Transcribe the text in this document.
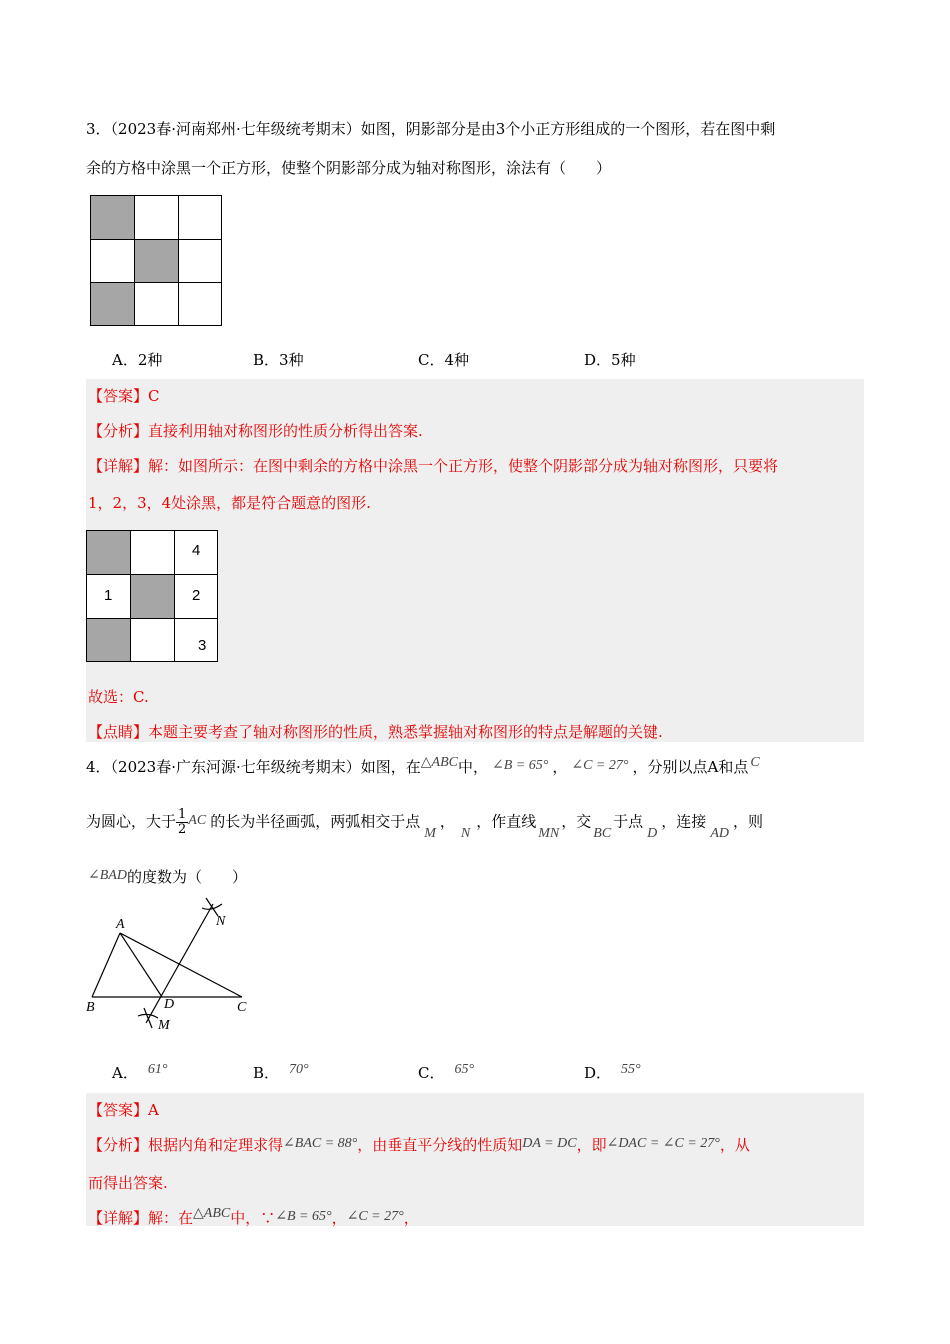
3．（2023春·河南郑州·七年级统考期末）如图，阴影部分是由3个小正方形组成的一个图形，若在图中剩
余的方格中涂黑一个正方形，使整个阴影部分成为轴对称图形，涂法有（　　）
A．2种	B．3种	C．4种	D．5种
【答案】C
【分析】直接利用轴对称图形的性质分析得出答案.
【详解】解：如图所示：在图中剩余的方格中涂黑一个正方形，使整个阴影部分成为轴对称图形，只要将
1，2，3，4处涂黑，都是符合题意的图形.
4
1	2
3
故选：C.
【点睛】本题主要考查了轴对称图形的性质，熟悉掌握轴对称图形的特点是解题的关键.
4．（2023春·广东河源·七年级统考期末）如图，在△ABC中， ∠B = 65° ， ∠C = 27° ，分别以点A和点 C
为圆心，大于 $\frac{1}{2}$ AC 的长为半径画弧，两弧相交于点M，N，作直线MN，交BC于点D，连接AD，则
∠BAD的度数为（　　）
A
B	C
D
M
N
A． 61°	B． 70°	C． 65°	D． 55°
【答案】A
【分析】根据内角和定理求得∠BAC = 88°，由垂直平分线的性质知DA = DC，即∠DAC = ∠C = 27°，从
而得出答案.
【详解】解：在△ABC中，∵∠B = 65°，∠C = 27°，
